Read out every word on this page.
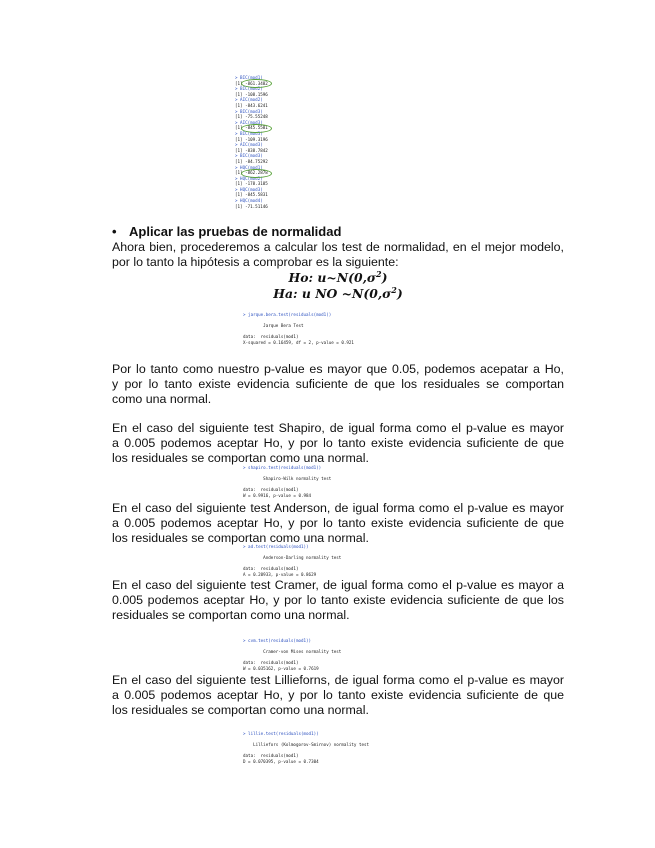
> BIC(mod1)
[1] -861.3482
> BIC(mod2)
[1] -108.1596
> AIC(mod2)
[1] -843.6241
> BIC(mod3)
[1] -75.55248
> AIC(mod3)
[1] -845.5581
> BIC(mod3)
[1] -109.3196
> AIC(mod3)
[1] -838.7842
> BIC(mod3)
[1] -84.75292
> HQC(mod1)
[1] -862.2878
> HQC(mod2)
[1] -178.3185
> HQC(mod3)
[1] -845.5831
> HQC(mod4)
[1] -71.51146
• Aplicar las pruebas de normalidad

Ahora bien, procederemos a calcular los test de normalidad, en el mejor modelo,
por lo tanto la hipótesis a comprobar es la siguiente:

Ho: $u\sim N(0,\sigma^2)$
Ha: u NO $\sim N(0,\sigma^2)$
> jarque.bera.test(residuals(mod1))
Jarque Bera Test
data:  residuals(mod1)
X-squared = 0.16459, df = 2, p-value = 0.921

Por lo tanto como nuestro p-value es mayor que 0.05, podemos acepatar a Ho,
y por lo tanto existe evidencia suficiente de que los residuales se comportan
como una normal.

En el caso del siguiente test Shapiro, de igual forma como el p-value es mayor
a 0.005 podemos aceptar Ho, y por lo tanto existe evidencia suficiente de que
los residuales se comportan como una normal.

> shapiro.test(residuals(mod1))
Shapiro-Wilk normality test
data:  residuals(mod1)
W = 0.9916, p-value = 0.984

En el caso del siguiente test Anderson, de igual forma como el p-value es mayor
a 0.005 podemos aceptar Ho, y por lo tanto existe evidencia suficiente de que
los residuales se comportan como una normal.

> ad.test(residuals(mod1))
Anderson-Darling normality test
data:  residuals(mod1)
A = 0.20933, p-value = 0.8629

En el caso del siguiente test Cramer, de igual forma como el p-value es mayor a
0.005 podemos aceptar Ho, y por lo tanto existe evidencia suficiente de que los
residuales se comportan como una normal.

> cvm.test(residuals(mod1))
Cramer-von Mises normality test
data:  residuals(mod1)
W = 0.035162, p-value = 0.7619

En el caso del siguiente test Lillieforns, de igual forma como el p-value es mayor
a 0.005 podemos aceptar Ho, y por lo tanto existe evidencia suficiente de que
los residuales se comportan como una normal.

> lillie.test(residuals(mod1))
Lilliefors (Kolmogorov-Smirnov) normality test
data:  residuals(mod1)
D = 0.070395, p-value = 0.7304
